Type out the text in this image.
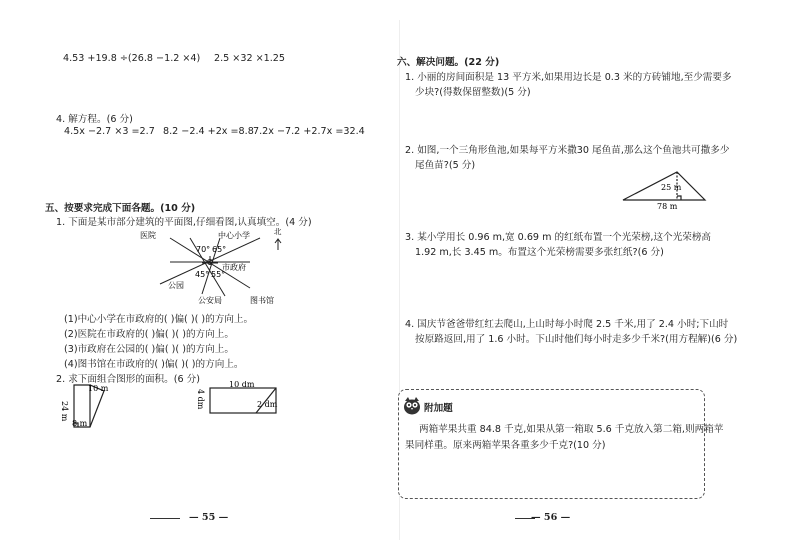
4.53 +19.8 ÷(26.8 −1.2 ×4) 2.5 ×32 ×1.25
4. 解方程。(6 分)
4.5x −2.7 ×3 =2.7 8.2 −2.4 +2x =8.8 7.2x −7.2 +2.7x =32.4
五、按要求完成下面各题。(10 分)
1. 下面是某市部分建筑的平面图,仔细看图,认真填空。(4 分)
医院	中心小学	北
市政府
公园
公安局	图书馆
70° 65°
45° 55°
(1)中心小学在市政府的( )偏( )( )的方向上。
(2)医院在市政府的( )偏( )( )的方向上。
(3)市政府在公园的( )偏( )( )的方向上。
(4)图书馆在市政府的( )偏( )( )的方向上。
2. 求下面组合图形的面积。(6 分)
10 m
24 m
8 m
10 dm
4 dm	2 dm
— 55 —
六、解决问题。(22 分)
1. 小丽的房间面积是 13 平方米,如果用边长是 0.3 米的方砖铺地,至少需要多
少块?(得数保留整数)(5 分)
2. 如图,一个三角形鱼池,如果每平方米撒30 尾鱼苗,那么这个鱼池共可撒多少
尾鱼苗?(5 分)
25 m
78 m
3. 某小学用长 0.96 m,宽 0.69 m 的红纸布置一个光荣榜,这个光荣榜高
1.92 m,长 3.45 m。布置这个光荣榜需要多张红纸?(6 分)
4. 国庆节爸爸带红红去爬山,上山时每小时爬 2.5 千米,用了 2.4 小时;下山时
按原路返回,用了 1.6 小时。下山时他们每小时走多少千米?(用方程解)(6 分)
附加题
两箱苹果共重 84.8 千克,如果从第一箱取 5.6 千克放入第二箱,则两箱苹
果同样重。原来两箱苹果各重多少千克?(10 分)
— 56 —
